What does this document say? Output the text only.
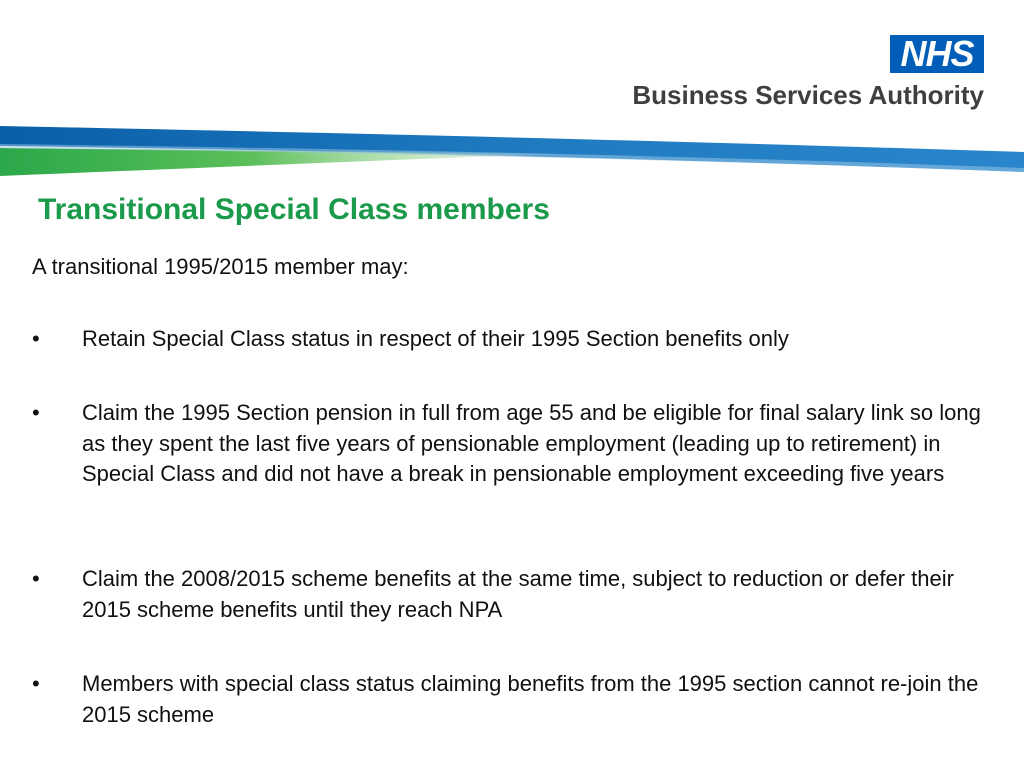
NHS
Business Services Authority
Transitional Special Class members
A transitional 1995/2015 member may:
•	Retain Special Class status in respect of their 1995 Section benefits only
•	Claim the 1995 Section pension in full from age 55 and be eligible for final salary link so long as they spent the last five years of pensionable employment (leading up to retirement) in Special Class and did not have a break in pensionable employment exceeding five years
•	Claim the 2008/2015 scheme benefits at the same time, subject to reduction or defer their 2015 scheme benefits until they reach NPA
•	Members with special class status claiming benefits from the 1995 section cannot re-join the 2015 scheme
